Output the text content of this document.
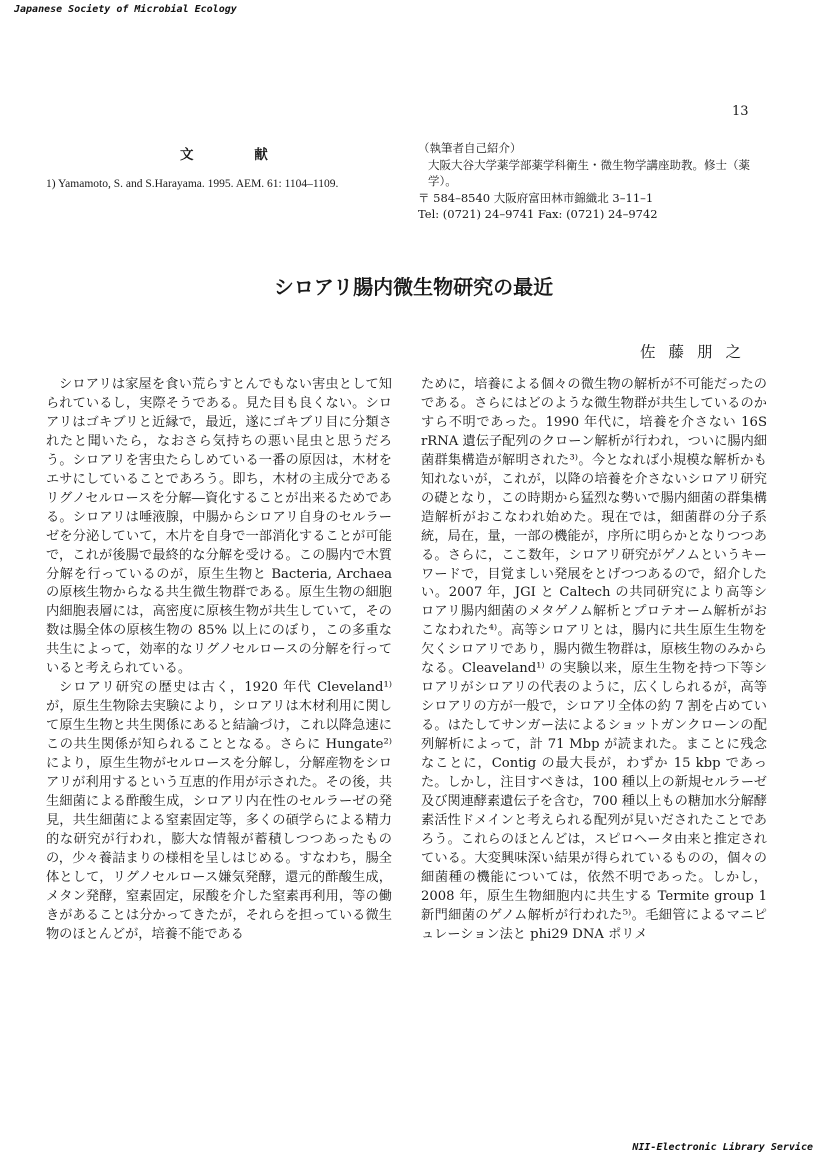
Japanese Society of Microbial Ecology
13
文 献
1) Yamamoto, S. and S.Harayama. 1995. AEM. 61: 1104–1109.
（執筆者自己紹介）
大阪大谷大学薬学部薬学科衛生・微生物学講座助教。修士（薬学）。
〒 584–8540 大阪府富田林市錦織北 3–11–1
Tel: (0721) 24–9741 Fax: (0721) 24–9742
シロアリ腸内微生物研究の最近
佐藤朋之

シロアリは家屋を食い荒らすとんでもない害虫として知られているし，実際そうである。見た目も良くない。シロアリはゴキブリと近縁で，最近，遂にゴキブリ目に分類されたと聞いたら，なおさら気持ちの悪い昆虫と思うだろう。シロアリを害虫たらしめている一番の原因は，木材をエサにしていることであろう。即ち，木材の主成分であるリグノセルロースを分解―資化することが出来るためである。シロアリは唾液腺，中腸からシロアリ自身のセルラーゼを分泌していて，木片を自身で一部消化することが可能で，これが後腸で最終的な分解を受ける。この腸内で木質分解を行っているのが，原生生物と Bacteria, Archaea の原核生物からなる共生微生物群である。原生生物の細胞内細胞表層には，高密度に原核生物が共生していて，その数は腸全体の原核生物の 85% 以上にのぼり，この多重な共生によって，効率的なリグノセルロースの分解を行っていると考えられている。

シロアリ研究の歴史は古く，1920 年代 Cleveland¹⁾ が，原生生物除去実験により，シロアリは木材利用に関して原生生物と共生関係にあると結論づけ，これ以降急速にこの共生関係が知られることとなる。さらに Hungate²⁾ により，原生生物がセルロースを分解し，分解産物をシロアリが利用するという互恵的作用が示された。その後，共生細菌による酢酸生成，シロアリ内在性のセルラーゼの発見，共生細菌による窒素固定等，多くの碩学らによる精力的な研究が行われ，膨大な情報が蓄積しつつあったものの，少々養詰まりの様相を呈しはじめる。すなわち，腸全体として，リグノセルロース嫌気発酵，還元的酢酸生成，メタン発酵，窒素固定，尿酸を介した窒素再利用，等の働きがあることは分かってきたが，それらを担っている微生物のほとんどが，培養不能である

ために，培養による個々の微生物の解析が不可能だったのである。さらにはどのような微生物群が共生しているのかすら不明であった。1990 年代に，培養を介さない 16S rRNA 遺伝子配列のクローン解析が行われ，ついに腸内細菌群集構造が解明された³⁾。今となれば小規模な解析かも知れないが，これが，以降の培養を介さないシロアリ研究の礎となり，この時期から猛烈な勢いで腸内細菌の群集構造解析がおこなわれ始めた。現在では，細菌群の分子系統，局在，量，一部の機能が，序所に明らかとなりつつある。さらに，ここ数年，シロアリ研究がゲノムというキーワードで，目覚ましい発展をとげつつあるので，紹介したい。2007 年，JGI と Caltech の共同研究により高等シロアリ腸内細菌のメタゲノム解析とプロテオーム解析がおこなわれた⁴⁾。高等シロアリとは，腸内に共生原生生物を欠くシロアリであり，腸内微生物群は，原核生物のみからなる。Cleaveland¹⁾ の実験以来，原生生物を持つ下等シロアリがシロアリの代表のように，広くしられるが，高等シロアリの方が一般で，シロアリ全体の約 7 割を占めている。はたしてサンガー法によるショットガンクローンの配列解析によって，計 71 Mbp が読まれた。まことに残念なことに，Contig の最大長が，わずか 15 kbp であった。しかし，注目すべきは，100 種以上の新規セルラーゼ及び関連酵素遺伝子を含む，700 種以上もの糖加水分解酵素活性ドメインと考えられる配列が見いだされたことであろう。これらのほとんどは，スピロヘータ由来と推定されている。大変興味深い結果が得られているものの，個々の細菌種の機能については，依然不明であった。しかし，2008 年，原生生物細胞内に共生する Termite group 1 新門細菌のゲノム解析が行われた⁵⁾。毛細管によるマニピュレーション法と phi29 DNA ポリメ

NII-Electronic Library Service
